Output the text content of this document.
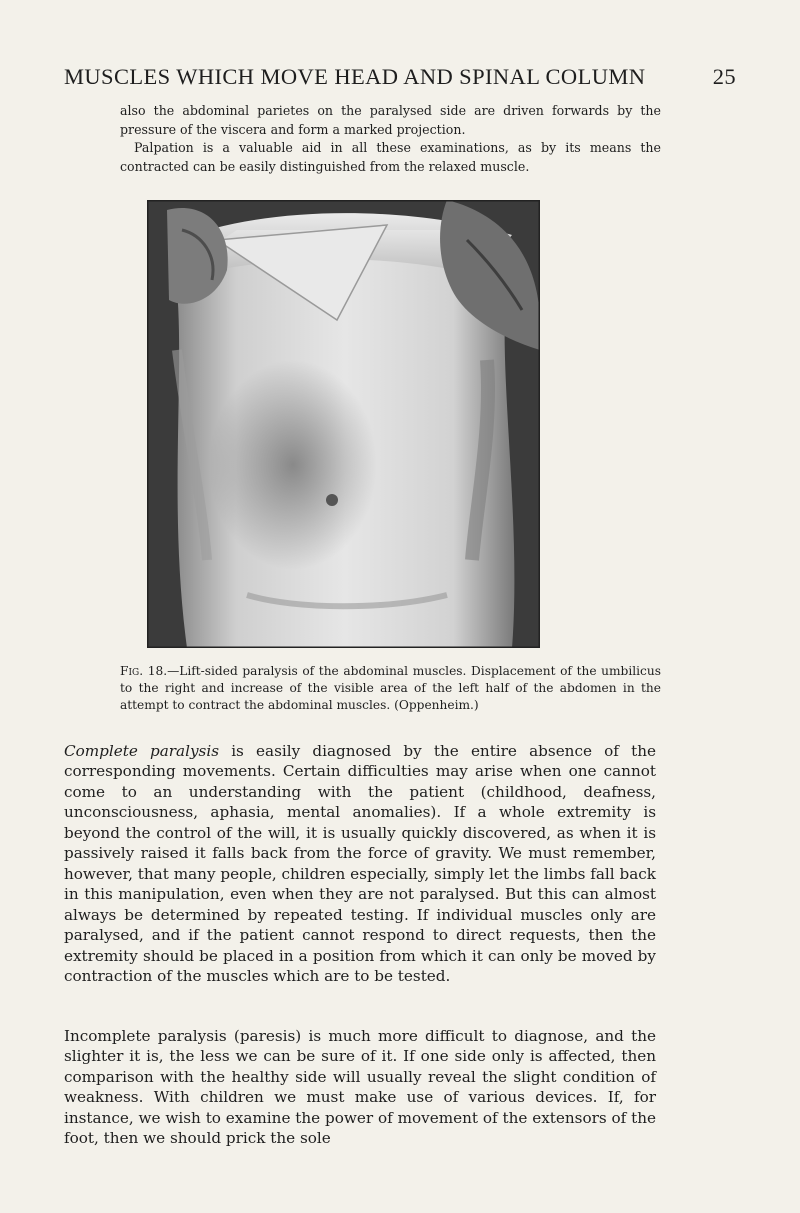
MUSCLES WHICH MOVE HEAD AND SPINAL COLUMN	25
also the abdominal parietes on the paralysed side are driven forwards by the pressure of the viscera and form a marked projection.
Palpation is a valuable aid in all these examinations, as by its means the contracted can be easily distinguished from the relaxed muscle.
Fig. 18.—Lift-sided paralysis of the abdominal muscles. Displacement of the umbilicus to the right and increase of the visible area of the left half of the abdomen in the attempt to contract the abdominal muscles. (Oppenheim.)
Complete paralysis is easily diagnosed by the entire absence of the corresponding movements. Certain difficulties may arise when one cannot come to an understanding with the patient (childhood, deafness, unconsciousness, aphasia, mental anomalies). If a whole extremity is beyond the control of the will, it is usually quickly discovered, as when it is passively raised it falls back from the force of gravity. We must remember, however, that many people, children especially, simply let the limbs fall back in this manipulation, even when they are not paralysed. But this can almost always be determined by repeated testing. If individual muscles only are paralysed, and if the patient cannot respond to direct requests, then the extremity should be placed in a position from which it can only be moved by contraction of the muscles which are to be tested.
Incomplete paralysis (paresis) is much more difficult to diagnose, and the slighter it is, the less we can be sure of it. If one side only is affected, then comparison with the healthy side will usually reveal the slight condition of weakness. With children we must make use of various devices. If, for instance, we wish to examine the power of movement of the extensors of the foot, then we should prick the sole
